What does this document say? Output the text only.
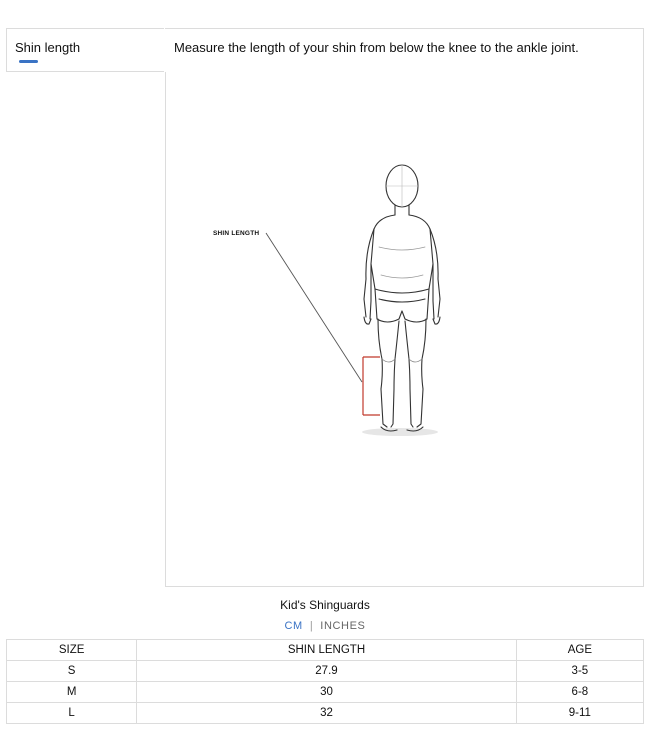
Shin length	Measure the length of your shin from below the knee to the ankle joint.
SHIN LENGTH
Kid's Shinguards
CM | INCHES
SIZE	SHIN LENGTH	AGE
S	27.9	3-5
M	30	6-8
L	32	9-11
